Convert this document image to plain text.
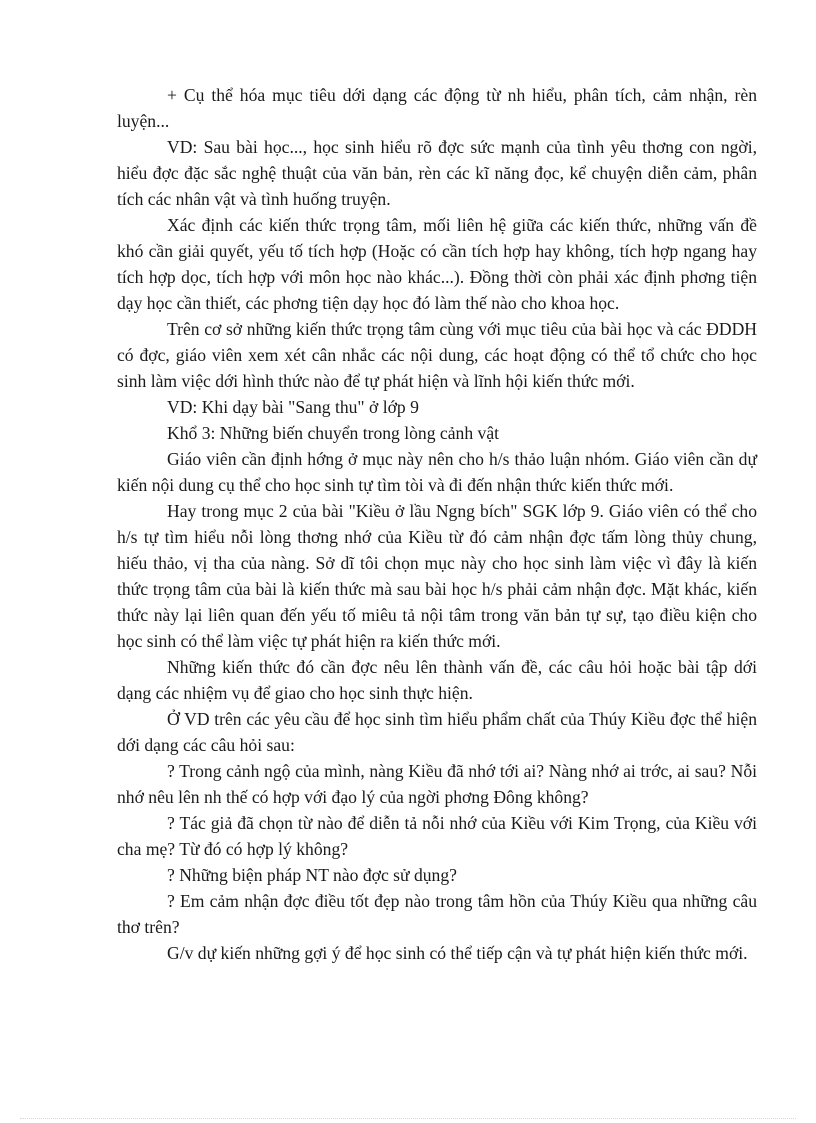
+ Cụ thể hóa mục tiêu dới dạng các động từ nh hiểu, phân tích, cảm nhận, rèn luyện...

VD: Sau bài học..., học sinh hiểu rõ đợc sức mạnh của tình yêu thơng con ngời, hiểu đợc đặc sắc nghệ thuật của văn bản, rèn các kĩ năng đọc, kể chuyện diễn cảm, phân tích các nhân vật và tình huống truyện.

Xác định các kiến thức trọng tâm, mối liên hệ giữa các kiến thức, những vấn đề khó cần giải quyết, yếu tố tích hợp (Hoặc có cần tích hợp hay không, tích hợp ngang hay tích hợp dọc, tích hợp với môn học nào khác...). Đồng thời còn phải xác định phơng tiện dạy học cần thiết, các phơng tiện dạy học đó làm thế nào cho khoa học.

Trên cơ sở những kiến thức trọng tâm cùng với mục tiêu của bài học và các ĐDDH có đợc, giáo viên xem xét cân nhắc các nội dung, các hoạt động có thể tổ chức cho học sinh làm việc dới hình thức nào để tự phát hiện và lĩnh hội kiến thức mới.

VD: Khi dạy bài "Sang thu" ở lớp 9

Khổ 3: Những biến chuyển trong lòng cảnh vật

Giáo viên cần định hớng ở mục này nên cho h/s thảo luận nhóm. Giáo viên cần dự kiến nội dung cụ thể cho học sinh tự tìm tòi và đi đến nhận thức kiến thức mới.

Hay trong mục 2 của bài "Kiều ở lầu Ngng bích" SGK lớp 9. Giáo viên có thể cho h/s tự tìm hiểu nỗi lòng thơng nhớ của Kiều từ đó cảm nhận đợc tấm lòng thủy chung, hiếu thảo, vị tha của nàng. Sở dĩ tôi chọn mục này cho học sinh làm việc vì đây là kiến thức trọng tâm của bài là kiến thức mà sau bài học h/s phải cảm nhận đợc. Mặt khác, kiến thức này lại liên quan đến yếu tố miêu tả nội tâm trong văn bản tự sự, tạo điều kiện cho học sinh có thể làm việc tự phát hiện ra kiến thức mới.

Những kiến thức đó cần đợc nêu lên thành vấn đề, các câu hỏi hoặc bài tập dới dạng các nhiệm vụ để giao cho học sinh thực hiện.

Ở VD trên các yêu cầu để học sinh tìm hiểu phẩm chất của Thúy Kiều đợc thể hiện dới dạng các câu hỏi sau:

? Trong cảnh ngộ của mình, nàng Kiều đã nhớ tới ai? Nàng nhớ ai trớc, ai sau? Nỗi nhớ nêu lên nh thế có hợp với đạo lý của ngời phơng Đông không?

? Tác giả đã chọn từ nào để diễn tả nỗi nhớ của Kiều với Kim Trọng, của Kiều với cha mẹ? Từ đó có hợp lý không?

? Những biện pháp NT nào đợc sử dụng?

? Em cảm nhận đợc điều tốt đẹp nào trong tâm hồn của Thúy Kiều qua những câu thơ trên?

G/v dự kiến những gợi ý để học sinh có thể tiếp cận và tự phát hiện kiến thức mới.
